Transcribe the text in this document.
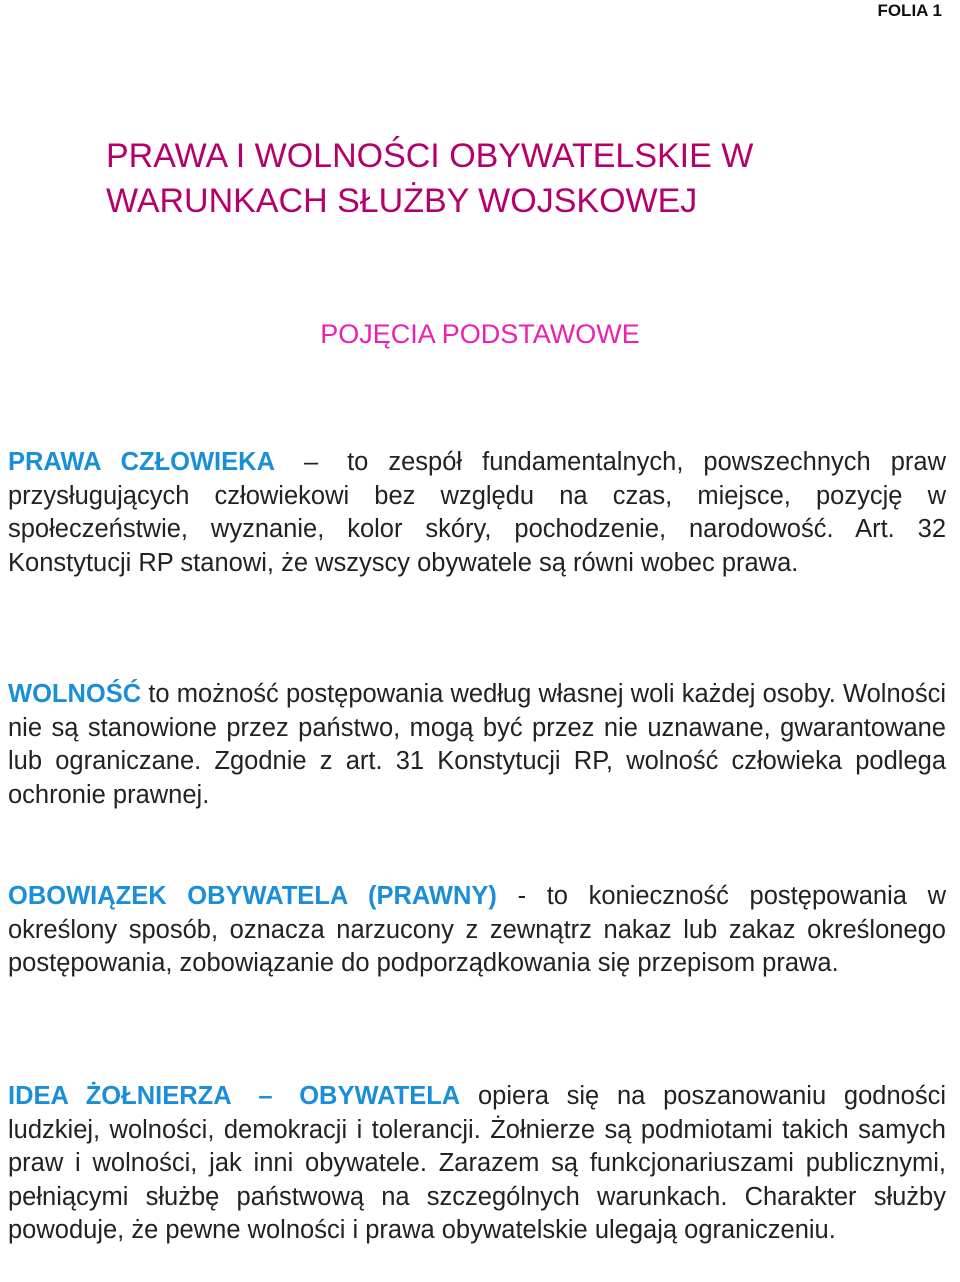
FOLIA 1
PRAWA I WOLNOŚCI OBYWATELSKIE W
WARUNKACH SŁUŻBY WOJSKOWEJ
POJĘCIA PODSTAWOWE

PRAWA CZŁOWIEKA – to zespół fundamentalnych, powszechnych praw przysługujących człowiekowi bez względu na czas, miejsce, pozycję w społeczeństwie, wyznanie, kolor skóry, pochodzenie, narodowość. Art. 32 Konstytucji RP stanowi, że wszyscy obywatele są równi wobec prawa.

WOLNOŚĆ to możność postępowania według własnej woli każdej osoby. Wolności nie są stanowione przez państwo, mogą być przez nie uznawane, gwarantowane lub ograniczane. Zgodnie z art. 31 Konstytucji RP, wolność człowieka podlega ochronie prawnej.

OBOWIĄZEK OBYWATELA (PRAWNY) - to konieczność postępowania w określony sposób, oznacza narzucony z zewnątrz nakaz lub zakaz określonego postępowania, zobowiązanie do podporządkowania się przepisom prawa.

IDEA ŻOŁNIERZA – OBYWATELA opiera się na poszanowaniu godności ludzkiej, wolności, demokracji i tolerancji. Żołnierze są podmiotami takich samych praw i wolności, jak inni obywatele. Zarazem są funkcjonariuszami publicznymi, pełniącymi służbę państwową na szczególnych warunkach. Charakter służby powoduje, że pewne wolności i prawa obywatelskie ulegają ograniczeniu.
